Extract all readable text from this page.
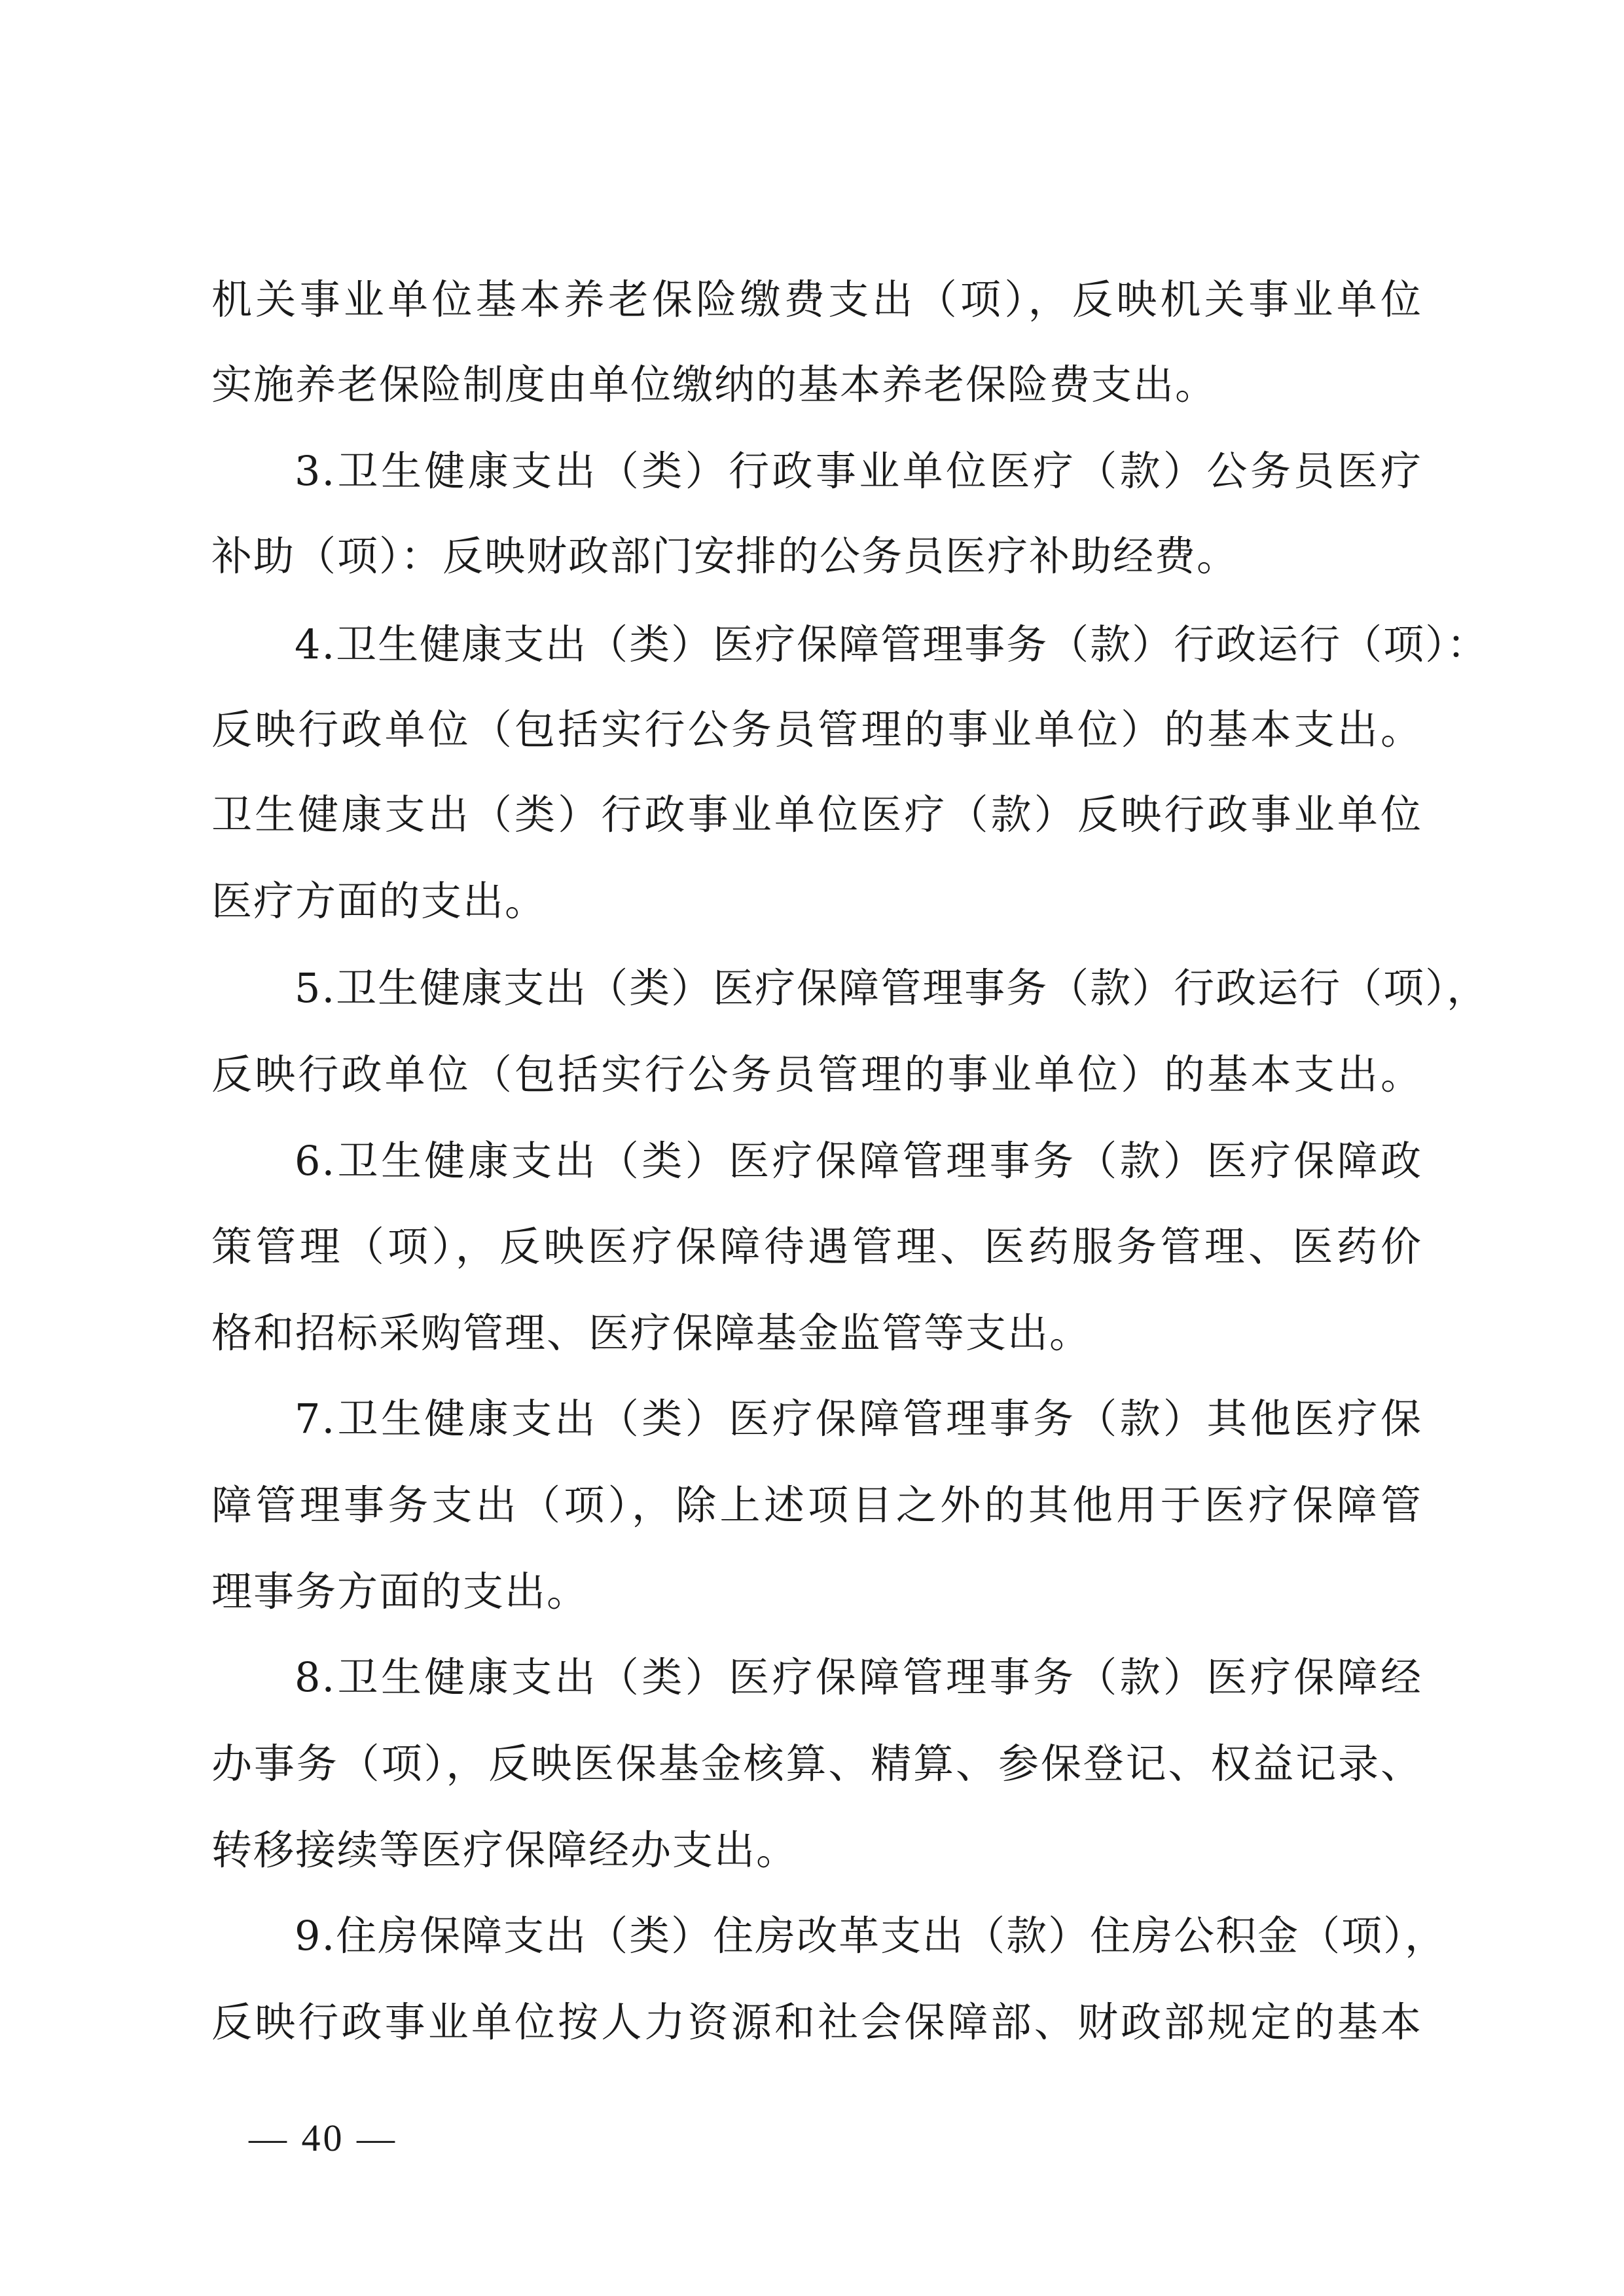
机关事业单位基本养老保险缴费支出（项），反映机关事业单位
实施养老保险制度由单位缴纳的基本养老保险费支出。
3.卫生健康支出（类）行政事业单位医疗（款）公务员医疗
补助（项）：反映财政部门安排的公务员医疗补助经费。
4.卫生健康支出（类）医疗保障管理事务（款）行政运行（项）：
反映行政单位（包括实行公务员管理的事业单位）的基本支出。
卫生健康支出（类）行政事业单位医疗（款）反映行政事业单位
医疗方面的支出。
5.卫生健康支出（类）医疗保障管理事务（款）行政运行（项），
反映行政单位（包括实行公务员管理的事业单位）的基本支出。
6.卫生健康支出（类）医疗保障管理事务（款）医疗保障政
策管理（项），反映医疗保障待遇管理、医药服务管理、医药价
格和招标采购管理、医疗保障基金监管等支出。
7.卫生健康支出（类）医疗保障管理事务（款）其他医疗保
障管理事务支出（项），除上述项目之外的其他用于医疗保障管
理事务方面的支出。
8.卫生健康支出（类）医疗保障管理事务（款）医疗保障经
办事务（项），反映医保基金核算、精算、参保登记、权益记录、
转移接续等医疗保障经办支出。
9.住房保障支出（类）住房改革支出（款）住房公积金（项），
反映行政事业单位按人力资源和社会保障部、财政部规定的基本
— 40 —
